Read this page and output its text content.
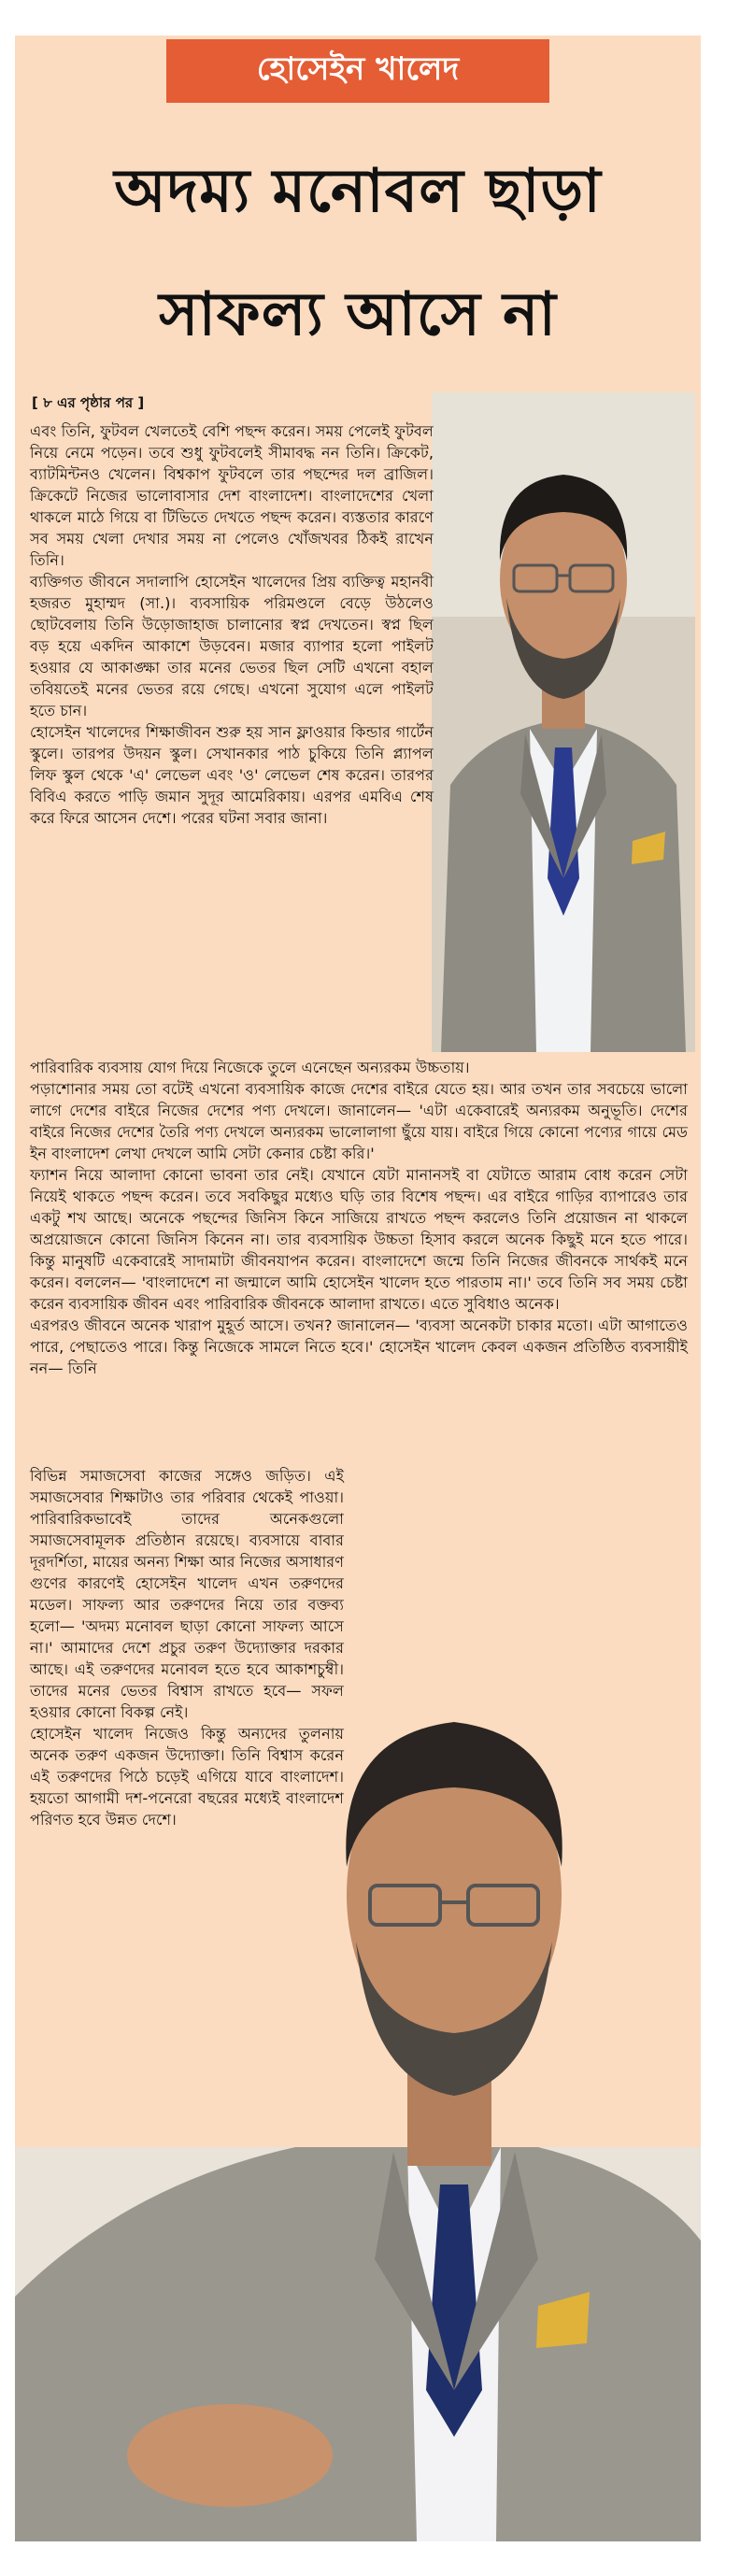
হোসেইন খালেদ
অদম্য মনোবল ছাড়া
সাফল্য আসে না
[ ৮ এর পৃষ্ঠার পর ]

এবং তিনি, ফুটবল খেলতেই বেশি পছন্দ করেন। সময় পেলেই ফুটবল নিয়ে নেমে পড়েন। তবে শুধু ফুটবলেই সীমাবদ্ধ নন তিনি। ক্রিকেট, ব্যাটমিন্টনও খেলেন। বিশ্বকাপ ফুটবলে তার পছন্দের দল ব্রাজিল। ক্রিকেটে নিজের ভালোবাসার দেশ বাংলাদেশ। বাংলাদেশের খেলা থাকলে মাঠে গিয়ে বা টিভিতে দেখতে পছন্দ করেন। ব্যস্ততার কারণে সব সময় খেলা দেখার সময় না পেলেও খোঁজখবর ঠিকই রাখেন তিনি।

ব্যক্তিগত জীবনে সদালাপি হোসেইন খালেদের প্রিয় ব্যক্তিত্ব মহানবী হজরত মুহাম্মদ (সা.)। ব্যবসায়িক পরিমণ্ডলে বেড়ে উঠলেও ছোটবেলায় তিনি উড়োজাহাজ চালানোর স্বপ্ন দেখতেন। স্বপ্ন ছিল বড় হয়ে একদিন আকাশে উড়বেন। মজার ব্যাপার হলো পাইলট হওয়ার যে আকাঙ্ক্ষা তার মনের ভেতর ছিল সেটি এখনো বহাল তবিয়তেই মনের ভেতর রয়ে গেছে। এখনো সুযোগ এলে পাইলট হতে চান।

হোসেইন খালেদের শিক্ষাজীবন শুরু হয় সান ফ্লাওয়ার কিন্ডার গার্টেন স্কুলে। তারপর উদয়ন স্কুল। সেখানকার পাঠ চুকিয়ে তিনি প্ল্যাপল লিফ স্কুল থেকে 'এ' লেভেল এবং 'ও' লেভেল শেষ করেন। তারপর বিবিএ করতে পাড়ি জমান সুদূর আমেরিকায়। এরপর এমবিএ শেষ করে ফিরে আসেন দেশে। পরের ঘটনা সবার জানা।

পারিবারিক ব্যবসায় যোগ দিয়ে নিজেকে তুলে এনেছেন অন্যরকম উচ্চতায়।

পড়াশোনার সময় তো বটেই এখনো ব্যবসায়িক কাজে দেশের বাইরে যেতে হয়। আর তখন তার সবচেয়ে ভালো লাগে দেশের বাইরে নিজের দেশের পণ্য দেখলে। জানালেন— 'এটা একেবারেই অন্যরকম অনুভূতি। দেশের বাইরে নিজের দেশের তৈরি পণ্য দেখলে অন্যরকম ভালোলাগা ছুঁয়ে যায়। বাইরে গিয়ে কোনো পণ্যের গায়ে মেড ইন বাংলাদেশ লেখা দেখলে আমি সেটা কেনার চেষ্টা করি।'

ফ্যাশন নিয়ে আলাদা কোনো ভাবনা তার নেই। যেখানে যেটা মানানসই বা যেটাতে আরাম বোধ করেন সেটা নিয়েই থাকতে পছন্দ করেন। তবে সবকিছুর মধ্যেও ঘড়ি তার বিশেষ পছন্দ। এর বাইরে গাড়ির ব্যাপারেও তার একটু শখ আছে। অনেকে পছন্দের জিনিস কিনে সাজিয়ে রাখতে পছন্দ করলেও তিনি প্রয়োজন না থাকলে অপ্রয়োজনে কোনো জিনিস কিনেন না। তার ব্যবসায়িক উচ্চতা হিসাব করলে অনেক কিছুই মনে হতে পারে। কিন্তু মানুষটি একেবারেই সাদামাটা জীবনযাপন করেন। বাংলাদেশে জন্মে তিনি নিজের জীবনকে সার্থকই মনে করেন। বললেন— 'বাংলাদেশে না জন্মালে আমি হোসেইন খালেদ হতে পারতাম না।' তবে তিনি সব সময় চেষ্টা করেন ব্যবসায়িক জীবন এবং পারিবারিক জীবনকে আলাদা রাখতে। এতে সুবিধাও অনেক।

এরপরও জীবনে অনেক খারাপ মুহূর্ত আসে। তখন? জানালেন— 'ব্যবসা অনেকটা চাকার মতো। এটা আগাতেও পারে, পেছাতেও পারে। কিন্তু নিজেকে সামলে নিতে হবে।' হোসেইন খালেদ কেবল একজন প্রতিষ্ঠিত ব্যবসায়ীই নন— তিনি

বিভিন্ন সমাজসেবা কাজের সঙ্গেও জড়িত। এই সমাজসেবার শিক্ষাটাও তার পরিবার থেকেই পাওয়া। পারিবারিকভাবেই তাদের অনেকগুলো সমাজসেবামূলক প্রতিষ্ঠান রয়েছে। ব্যবসায়ে বাবার দূরদর্শিতা, মায়ের অনন্য শিক্ষা আর নিজের অসাধারণ গুণের কারণেই হোসেইন খালেদ এখন তরুণদের মডেল। সাফল্য আর তরুণদের নিয়ে তার বক্তব্য হলো— 'অদম্য মনোবল ছাড়া কোনো সাফল্য আসে না।' আমাদের দেশে প্রচুর তরুণ উদ্যোক্তার দরকার আছে। এই তরুণদের মনোবল হতে হবে আকাশচুম্বী। তাদের মনের ভেতর বিশ্বাস রাখতে হবে— সফল হওয়ার কোনো বিকল্প নেই।

হোসেইন খালেদ নিজেও কিন্তু অন্যদের তুলনায় অনেক তরুণ একজন উদ্যোক্তা। তিনি বিশ্বাস করেন এই তরুণদের পিঠে চড়েই এগিয়ে যাবে বাংলাদেশ। হয়তো আগামী দশ-পনেরো বছরের মধ্যেই বাংলাদেশ পরিণত হবে উন্নত দেশে।
